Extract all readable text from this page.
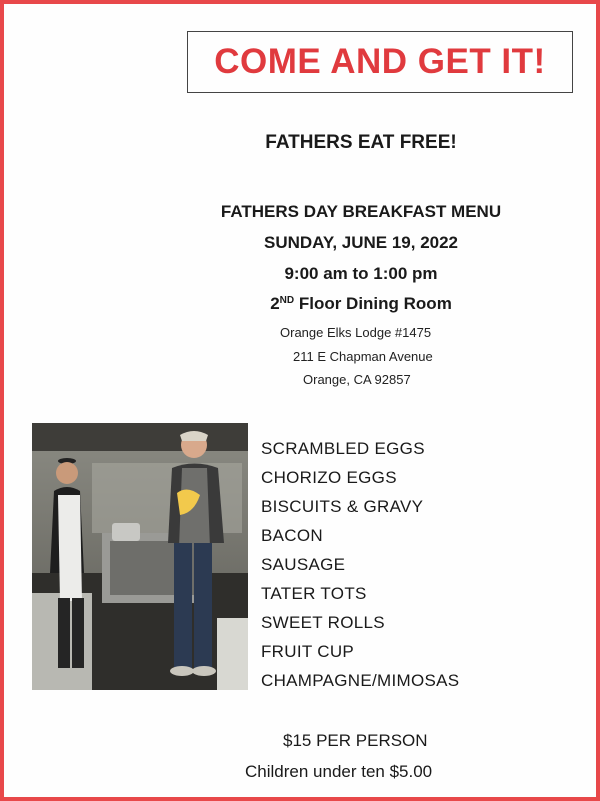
COME AND GET IT!
FATHERS EAT FREE!
FATHERS DAY BREAKFAST MENU
SUNDAY, JUNE 19, 2022
9:00 am to 1:00 pm
2ND Floor Dining Room
Orange Elks Lodge #1475
211 E Chapman Avenue
Orange, CA 92857
SCRAMBLED EGGS
CHORIZO EGGS
BISCUITS & GRAVY
BACON
SAUSAGE
TATER TOTS
SWEET ROLLS
FRUIT CUP
CHAMPAGNE/MIMOSAS
$15 PER PERSON
Children under ten $5.00
